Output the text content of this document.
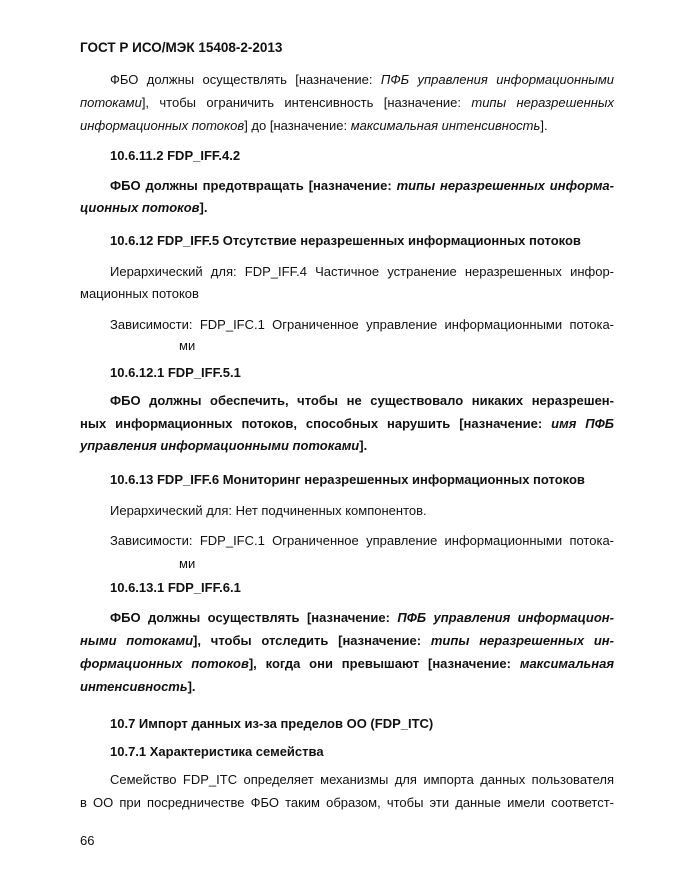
ГОСТ Р ИСО/МЭК 15408-2-2013
ФБО должны осуществлять [назначение: ПФБ управления информационными
потоками], чтобы ограничить интенсивность [назначение: типы неразрешенных
информационных потоков] до [назначение: максимальная интенсивность].
10.6.11.2 FDP_IFF.4.2
ФБО должны предотвращать [назначение: типы неразрешенных информа-
ционных потоков].
10.6.12 FDP_IFF.5 Отсутствие неразрешенных информационных потоков
Иерархический для: FDP_IFF.4 Частичное устранение неразрешенных инфор-
мационных потоков
Зависимости: FDP_IFC.1 Ограниченное управление информационными потока-
ми
10.6.12.1 FDP_IFF.5.1
ФБО должны обеспечить, чтобы не существовало никаких неразрешен-
ных информационных потоков, способных нарушить [назначение: имя ПФБ
управления информационными потоками].
10.6.13 FDP_IFF.6 Мониторинг неразрешенных информационных потоков
Иерархический для: Нет подчиненных компонентов.
Зависимости: FDP_IFC.1 Ограниченное управление информационными потока-
ми
10.6.13.1 FDP_IFF.6.1
ФБО должны осуществлять [назначение: ПФБ управления информацион-
ными потоками], чтобы отследить [назначение: типы неразрешенных ин-
формационных потоков], когда они превышают [назначение: максимальная
интенсивность].
10.7 Импорт данных из-за пределов ОО (FDP_ITC)
10.7.1 Характеристика семейства
Семейство FDP_ITC определяет механизмы для импорта данных пользователя
в ОО при посредничестве ФБО таким образом, чтобы эти данные имели соответст-
66
